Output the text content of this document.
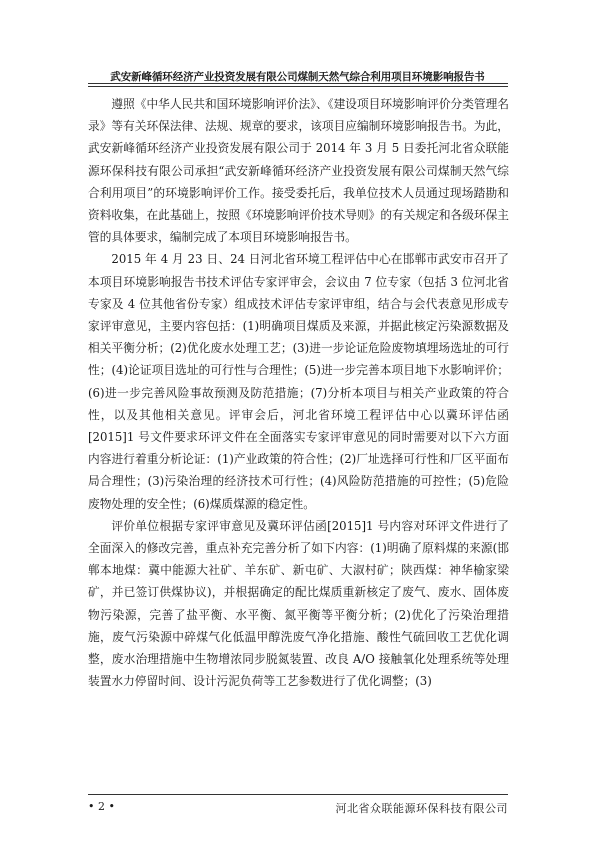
武安新峰循环经济产业投资发展有限公司煤制天然气综合利用项目环境影响报告书

遵照《中华人民共和国环境影响评价法》、《建设项目环境影响评价分类管理名录》等有关环保法律、法规、规章的要求，该项目应编制环境影响报告书。为此，武安新峰循环经济产业投资发展有限公司于 2014 年 3 月 5 日委托河北省众联能源环保科技有限公司承担“武安新峰循环经济产业投资发展有限公司煤制天然气综合利用项目”的环境影响评价工作。接受委托后，我单位技术人员通过现场踏勘和资料收集，在此基础上，按照《环境影响评价技术导则》的有关规定和各级环保主管的具体要求，编制完成了本项目环境影响报告书。

2015 年 4 月 23 日、24 日河北省环境工程评估中心在邯郸市武安市召开了本项目环境影响报告书技术评估专家评审会，会议由 7 位专家（包括 3 位河北省专家及 4 位其他省份专家）组成技术评估专家评审组，结合与会代表意见形成专家评审意见，主要内容包括：(1)明确项目煤质及来源，并据此核定污染源数据及相关平衡分析；(2)优化废水处理工艺；(3)进一步论证危险废物填埋场选址的可行性；(4)论证项目选址的可行性与合理性；(5)进一步完善本项目地下水影响评价；(6)进一步完善风险事故预测及防范措施；(7)分析本项目与相关产业政策的符合性，以及其他相关意见。评审会后，河北省环境工程评估中心以冀环评估函[2015]1 号文件要求环评文件在全面落实专家评审意见的同时需要对以下六方面内容进行着重分析论证：(1)产业政策的符合性；(2)厂址选择可行性和厂区平面布局合理性；(3)污染治理的经济技术可行性；(4)风险防范措施的可控性；(5)危险废物处理的安全性；(6)煤质煤源的稳定性。

评价单位根据专家评审意见及冀环评估函[2015]1 号内容对环评文件进行了全面深入的修改完善，重点补充完善分析了如下内容：(1)明确了原料煤的来源(邯郸本地煤：冀中能源大社矿、羊东矿、新屯矿、大淑村矿；陕西煤：神华榆家梁矿，并已签订供煤协议)，并根据确定的配比煤质重新核定了废气、废水、固体废物污染源，完善了盐平衡、水平衡、氮平衡等平衡分析；(2)优化了污染治理措施，废气污染源中碎煤气化低温甲醇洗废气净化措施、酸性气硫回收工艺优化调整，废水治理措施中生物增浓同步脱氮装置、改良 A/O 接触氧化处理系统等处理装置水力停留时间、设计污泥负荷等工艺参数进行了优化调整；(3)

• 2 •	河北省众联能源环保科技有限公司
